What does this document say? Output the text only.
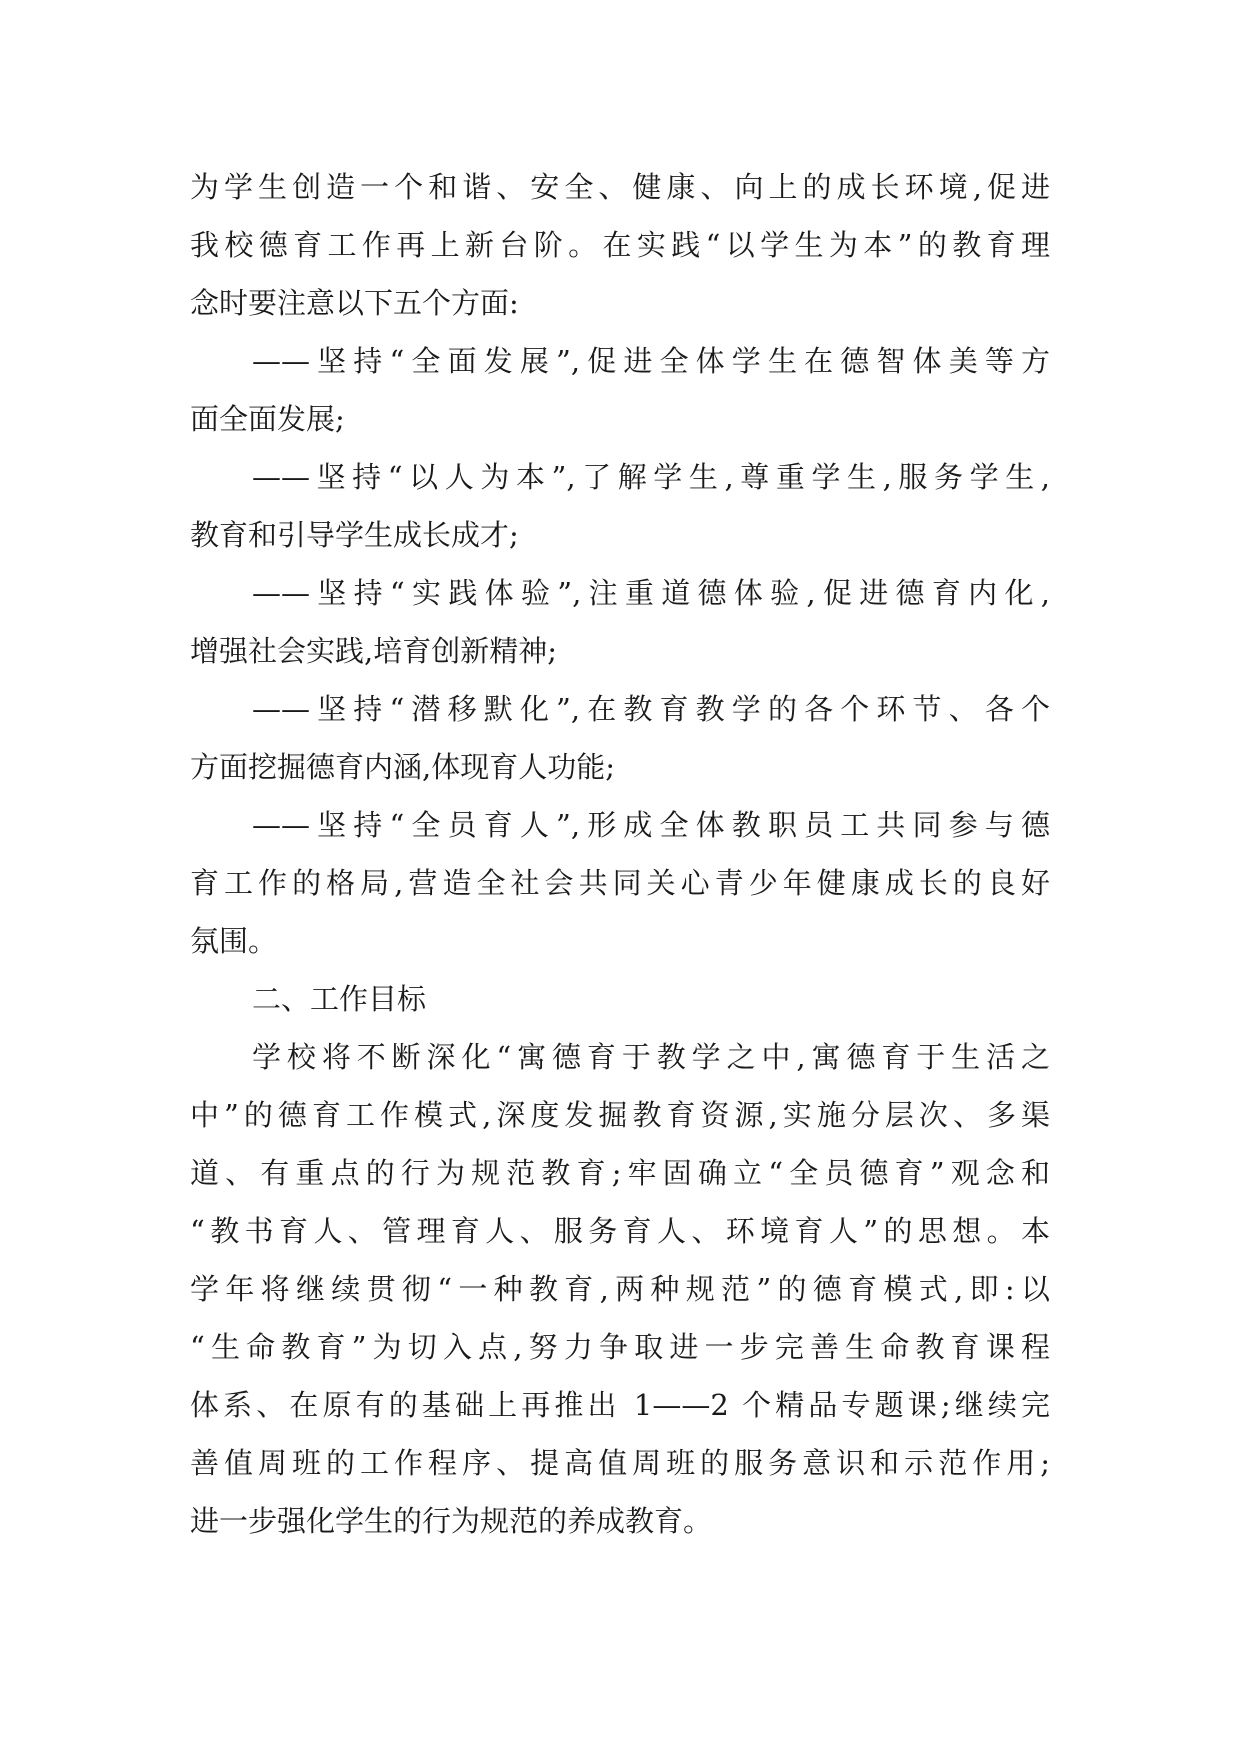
为学生创造一个和谐、安全、健康、向上的成长环境,促进
我校德育工作再上新台阶。在实践“以学生为本”的教育理
念时要注意以下五个方面:
——坚持“全面发展”,促进全体学生在德智体美等方
面全面发展;
——坚持“以人为本”,了解学生,尊重学生,服务学生,
教育和引导学生成长成才;
——坚持“实践体验”,注重道德体验,促进德育内化,
增强社会实践,培育创新精神;
——坚持“潜移默化”,在教育教学的各个环节、各个
方面挖掘德育内涵,体现育人功能;
——坚持“全员育人”,形成全体教职员工共同参与德
育工作的格局,营造全社会共同关心青少年健康成长的良好
氛围。
二、工作目标
学校将不断深化“寓德育于教学之中,寓德育于生活之
中”的德育工作模式,深度发掘教育资源,实施分层次、多渠
道、有重点的行为规范教育;牢固确立“全员德育”观念和
“教书育人、管理育人、服务育人、环境育人”的思想。本
学年将继续贯彻“一种教育,两种规范”的德育模式,即:以
“生命教育”为切入点,努力争取进一步完善生命教育课程
体系、在原有的基础上再推出 1——2 个精品专题课;继续完
善值周班的工作程序、提高值周班的服务意识和示范作用;
进一步强化学生的行为规范的养成教育。
